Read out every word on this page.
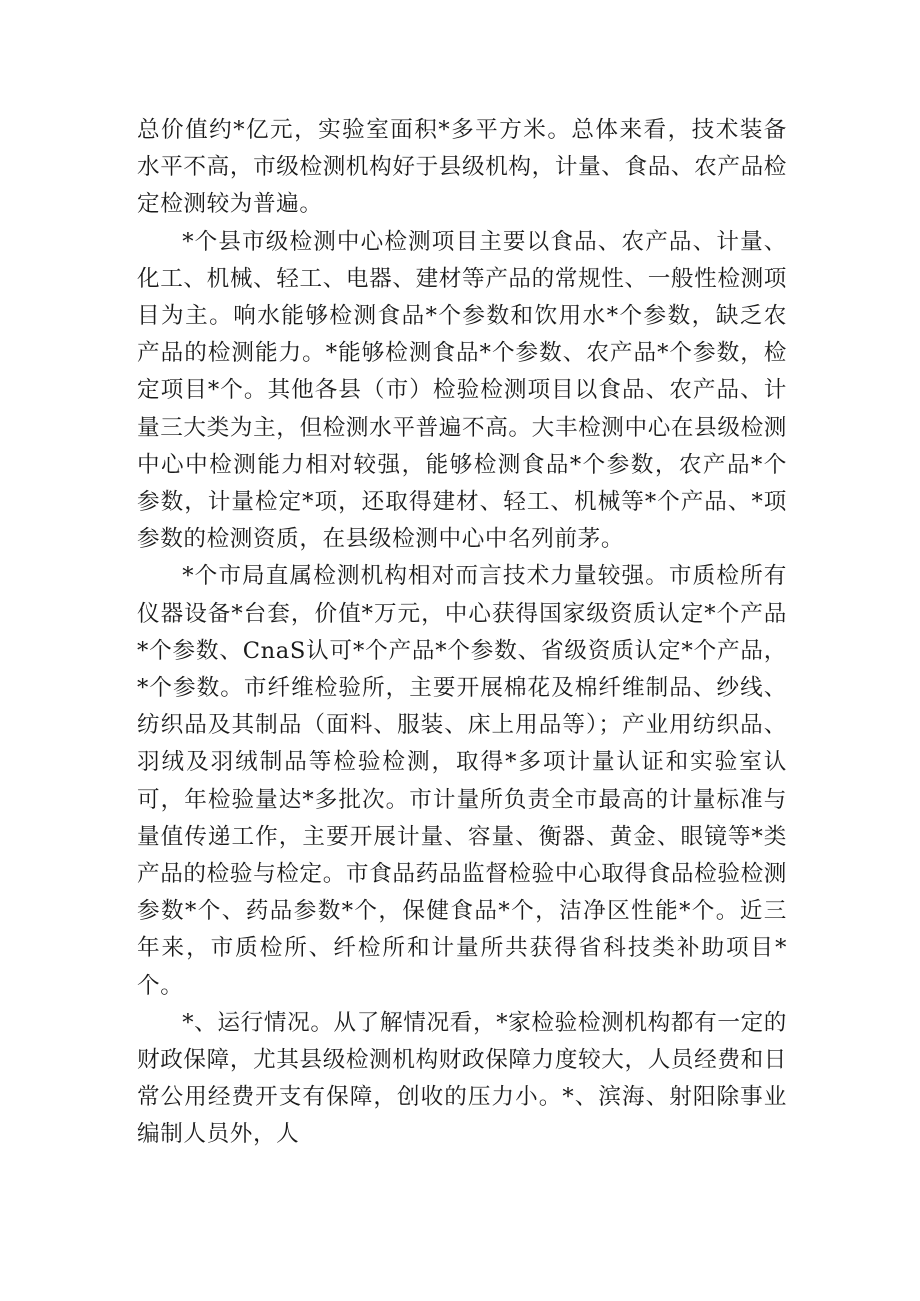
总价值约*亿元，实验室面积*多平方米。总体来看，技术装备水平不高，市级检测机构好于县级机构，计量、食品、农产品检定检测较为普遍。

*个县市级检测中心检测项目主要以食品、农产品、计量、化工、机械、轻工、电器、建材等产品的常规性、一般性检测项目为主。响水能够检测食品*个参数和饮用水*个参数，缺乏农产品的检测能力。*能够检测食品*个参数、农产品*个参数，检定项目*个。其他各县（市）检验检测项目以食品、农产品、计量三大类为主，但检测水平普遍不高。大丰检测中心在县级检测中心中检测能力相对较强，能够检测食品*个参数，农产品*个参数，计量检定*项，还取得建材、轻工、机械等*个产品、*项参数的检测资质，在县级检测中心中名列前茅。

*个市局直属检测机构相对而言技术力量较强。市质检所有仪器设备*台套，价值*万元，中心获得国家级资质认定*个产品*个参数、CnaS认可*个产品*个参数、省级资质认定*个产品，*个参数。市纤维检验所，主要开展棉花及棉纤维制品、纱线、纺织品及其制品（面料、服装、床上用品等）；产业用纺织品、羽绒及羽绒制品等检验检测，取得*多项计量认证和实验室认可，年检验量达*多批次。市计量所负责全市最高的计量标准与量值传递工作，主要开展计量、容量、衡器、黄金、眼镜等*类产品的检验与检定。市食品药品监督检验中心取得食品检验检测参数*个、药品参数*个，保健食品*个，洁净区性能*个。近三年来，市质检所、纤检所和计量所共获得省科技类补助项目*个。

*、运行情况。从了解情况看，*家检验检测机构都有一定的财政保障，尤其县级检测机构财政保障力度较大，人员经费和日常公用经费开支有保障，创收的压力小。*、滨海、射阳除事业编制人员外，人
